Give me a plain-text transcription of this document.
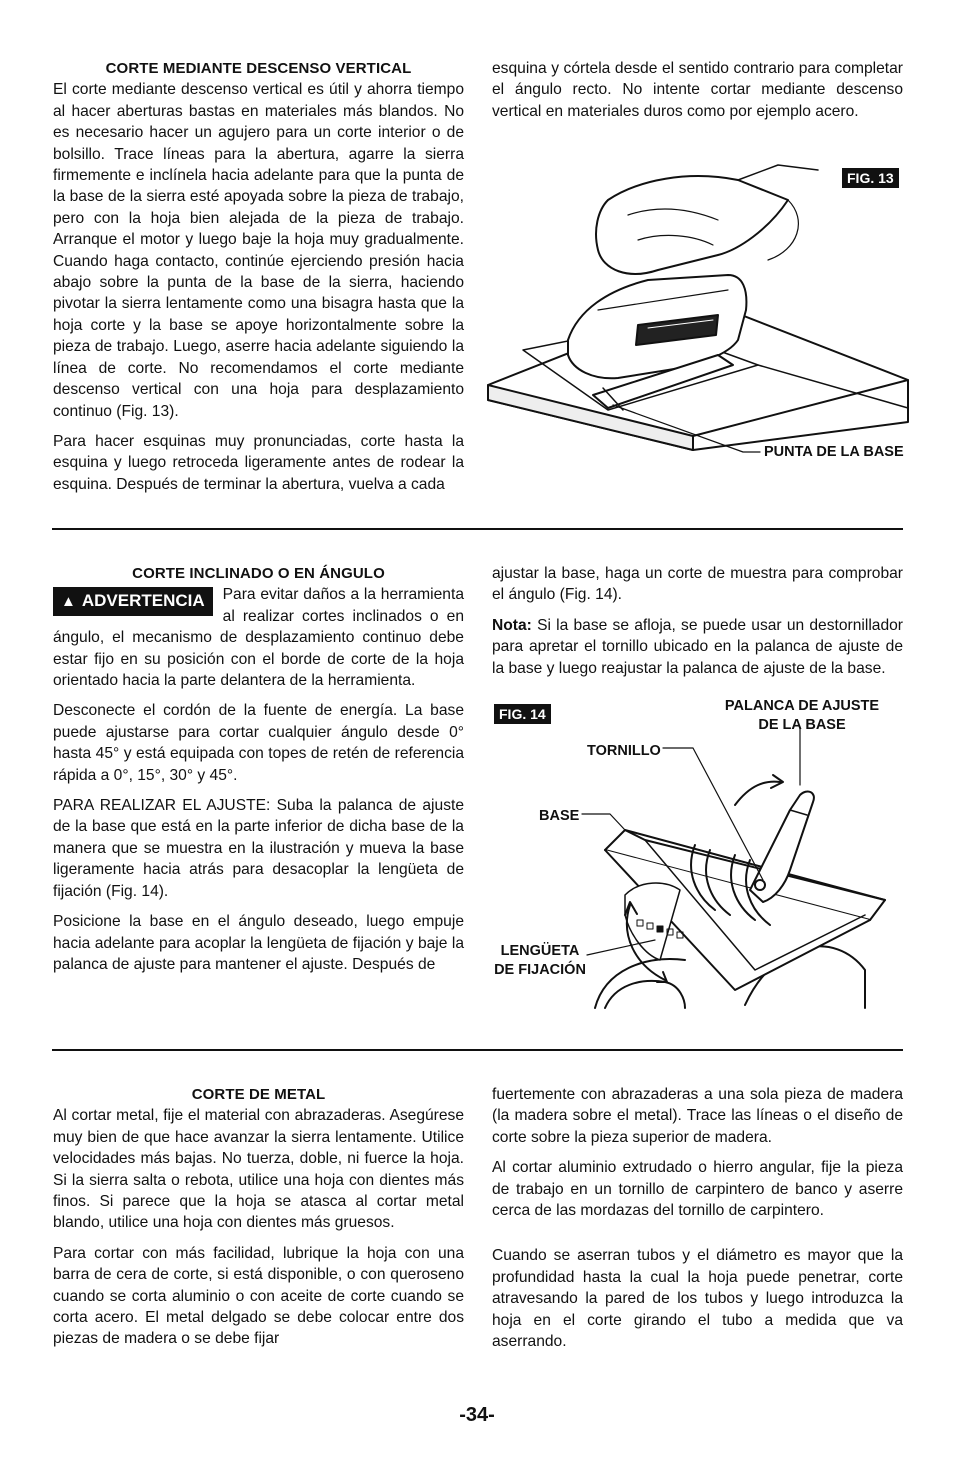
CORTE MEDIANTE DESCENSO VERTICAL

El corte mediante descenso vertical es útil y ahorra tiempo al hacer aberturas bastas en materiales más blandos. No es necesario hacer un agujero para un corte interior o de bolsillo. Trace líneas para la abertura, agarre la sierra firmemente e inclínela hacia adelante para que la punta de la base de la sierra esté apoyada sobre la pieza de trabajo, pero con la hoja bien alejada de la pieza de trabajo. Arranque el motor y luego baje la hoja muy gradualmente. Cuando haga contacto, continúe ejerciendo presión hacia abajo sobre la punta de la base de la sierra, haciendo pivotar la sierra lentamente como una bisagra hasta que la hoja corte y la base se apoye horizontalmente sobre la pieza de trabajo. Luego, aserre hacia adelante siguiendo la línea de corte. No recomendamos el corte mediante descenso vertical con una hoja para desplazamiento continuo (Fig. 13).

Para hacer esquinas muy pronunciadas, corte hasta la esquina y luego retroceda ligeramente antes de rodear la esquina. Después de terminar la abertura, vuelva a cada

esquina y córtela desde el sentido contrario para completar el ángulo recto. No intente cortar mediante descenso vertical en materiales duros como por ejemplo acero.

FIG. 13
PUNTA DE LA BASE

CORTE INCLINADO O EN ÁNGULO

▲ ADVERTENCIA	Para evitar daños a la herramienta al realizar cortes inclinados o en ángulo, el mecanismo de desplazamiento continuo debe estar fijo en su posición con el borde de corte de la hoja orientado hacia la parte delantera de la herramienta.

Desconecte el cordón de la fuente de energía. La base puede ajustarse para cortar cualquier ángulo desde 0° hasta 45° y está equipada con topes de retén de referencia rápida a 0°, 15°, 30° y 45°.

PARA REALIZAR EL AJUSTE: Suba la palanca de ajuste de la base que está en la parte inferior de dicha base de la manera que se muestra en la ilustración y mueva la base ligeramente hacia atrás para desacoplar la lengüeta de fijación (Fig. 14).

Posicione la base en el ángulo deseado, luego empuje hacia adelante para acoplar la lengüeta de fijación y baje la palanca de ajuste para mantener el ajuste. Después de

ajustar la base, haga un corte de muestra para comprobar el ángulo (Fig. 14).

Nota: Si la base se afloja, se puede usar un destornillador para apretar el tornillo ubicado en la palanca de ajuste de la base y luego reajustar la palanca de ajuste de la base.

FIG. 14	PALANCA DE AJUSTE
DE LA BASE
TORNILLO
BASE
LENGÜETA
DE FIJACIÓN

CORTE DE METAL

Al cortar metal, fije el material con abrazaderas. Asegúrese muy bien de que hace avanzar la sierra lentamente. Utilice velocidades más bajas. No tuerza, doble, ni fuerce la hoja. Si la sierra salta o rebota, utilice una hoja con dientes más finos. Si parece que la hoja se atasca al cortar metal blando, utilice una hoja con dientes más gruesos.

Para cortar con más facilidad, lubrique la hoja con una barra de cera de corte, si está disponible, o con queroseno cuando se corta aluminio o con aceite de corte cuando se corta acero. El metal delgado se debe colocar entre dos piezas de madera o se debe fijar

fuertemente con abrazaderas a una sola pieza de madera (la madera sobre el metal). Trace las líneas o el diseño de corte sobre la pieza superior de madera.

Al cortar aluminio extrudado o hierro angular, fije la pieza de trabajo en un tornillo de carpintero de banco y aserre cerca de las mordazas del tornillo de carpintero.

Cuando se aserran tubos y el diámetro es mayor que la profundidad hasta la cual la hoja puede penetrar, corte atravesando la pared de los tubos y luego introduzca la hoja en el corte girando el tubo a medida que va aserrando.

-34-
